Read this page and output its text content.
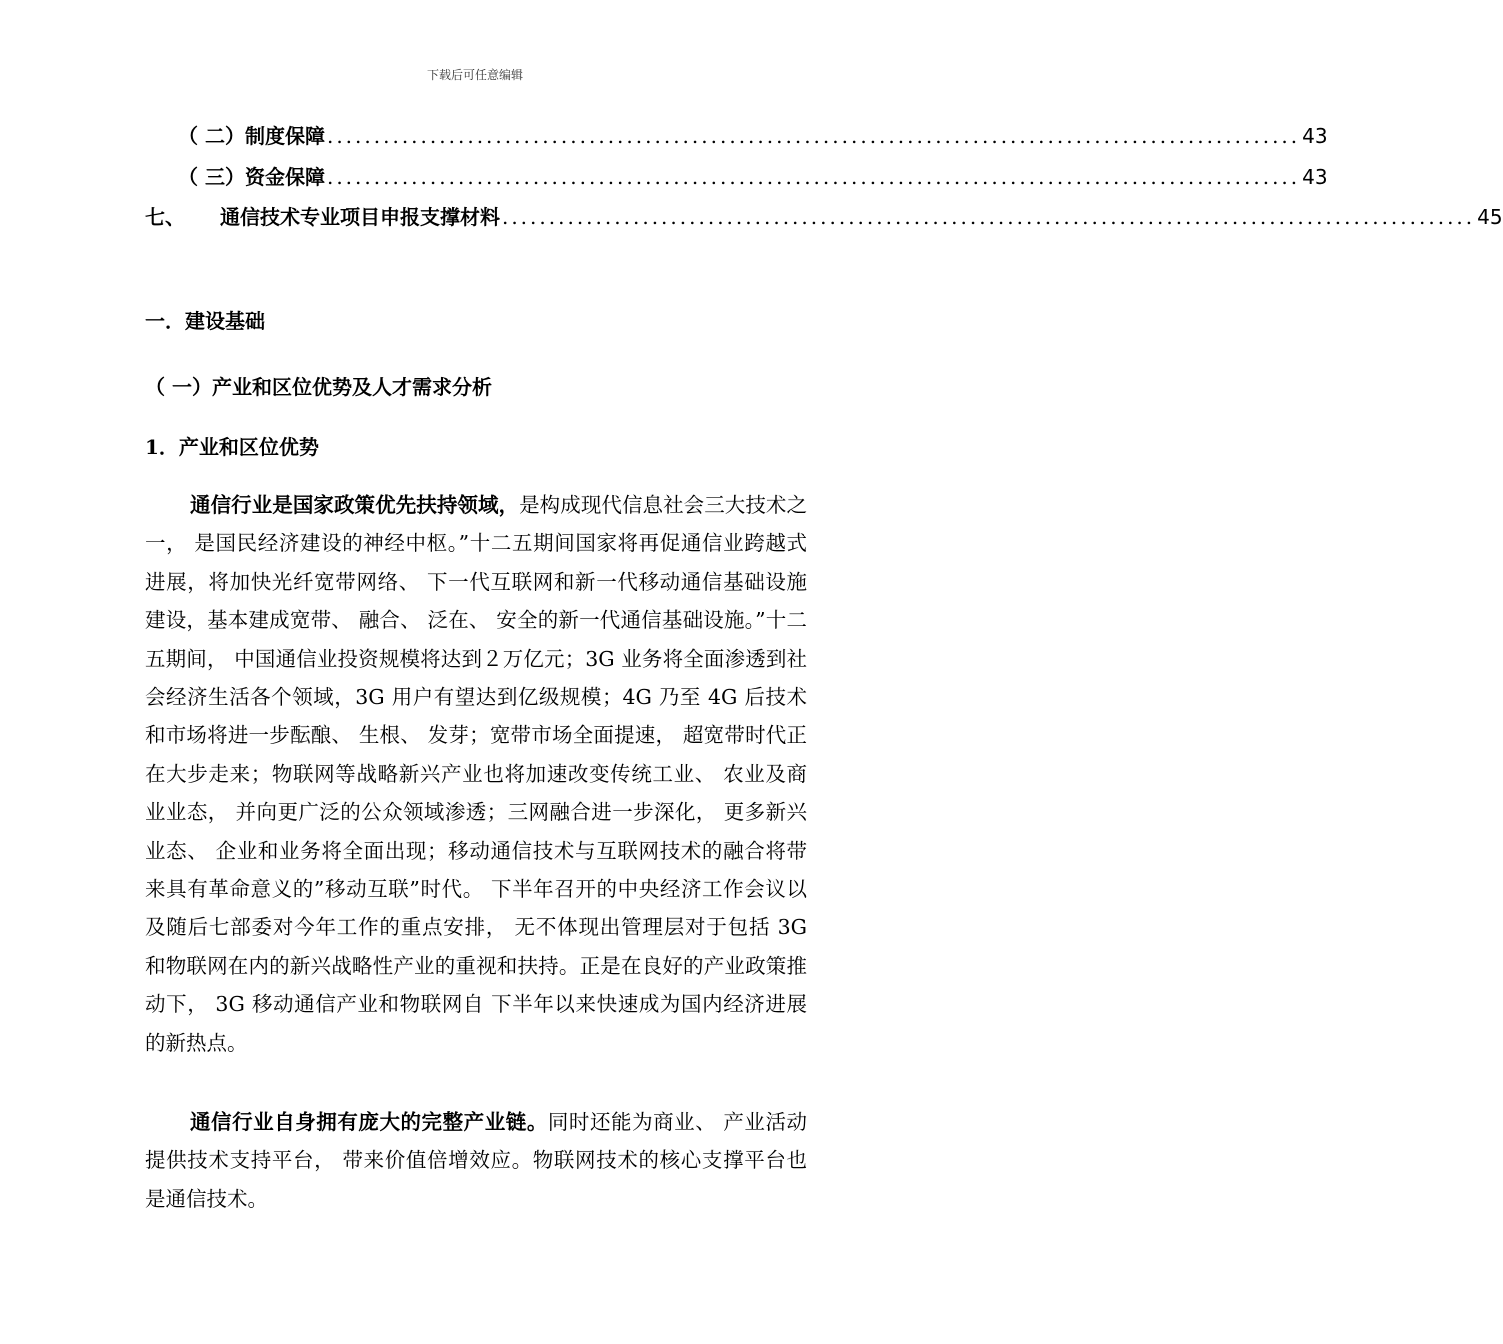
下载后可任意编辑
（ 二） 制度保障 ........................................................................................................ 43
（ 三） 资金保障 ........................................................................................................ 43
七、 通信技术专业项目申报支撑材料 ........................................................................................................ 45
一．建设基础
（ 一）产业和区位优势及人才需求分析
1．产业和区位优势

通信行业是国家政策优先扶持领域，是构成现代信息社会三大技术之一， 是国民经济建设的神经中枢。”十二五期间国家将再促通信业跨越式进展，将加快光纤宽带网络、 下一代互联网和新一代移动通信基础设施建设，基本建成宽带、 融合、 泛在、 安全的新一代通信基础设施。”十二五期间， 中国通信业投资规模将达到２万亿元；3G 业务将全面渗透到社会经济生活各个领域，3G 用户有望达到亿级规模；4G 乃至 4G 后技术和市场将进一步酝酿、 生根、 发芽；宽带市场全面提速， 超宽带时代正在大步走来；物联网等战略新兴产业也将加速改变传统工业、 农业及商业业态， 并向更广泛的公众领域渗透；三网融合进一步深化， 更多新兴业态、 企业和业务将全面出现；移动通信技术与互联网技术的融合将带来具有革命意义的”移动互联”时代。 下半年召开的中央经济工作会议以及随后七部委对今年工作的重点安排， 无不体现出管理层对于包括 3G 和物联网在内的新兴战略性产业的重视和扶持。正是在良好的产业政策推动下， 3G 移动通信产业和物联网自 下半年以来快速成为国内经济进展的新热点。

通信行业自身拥有庞大的完整产业链。同时还能为商业、 产业活动提供技术支持平台， 带来价值倍增效应。物联网技术的核心支撑平台也是通信技术。
